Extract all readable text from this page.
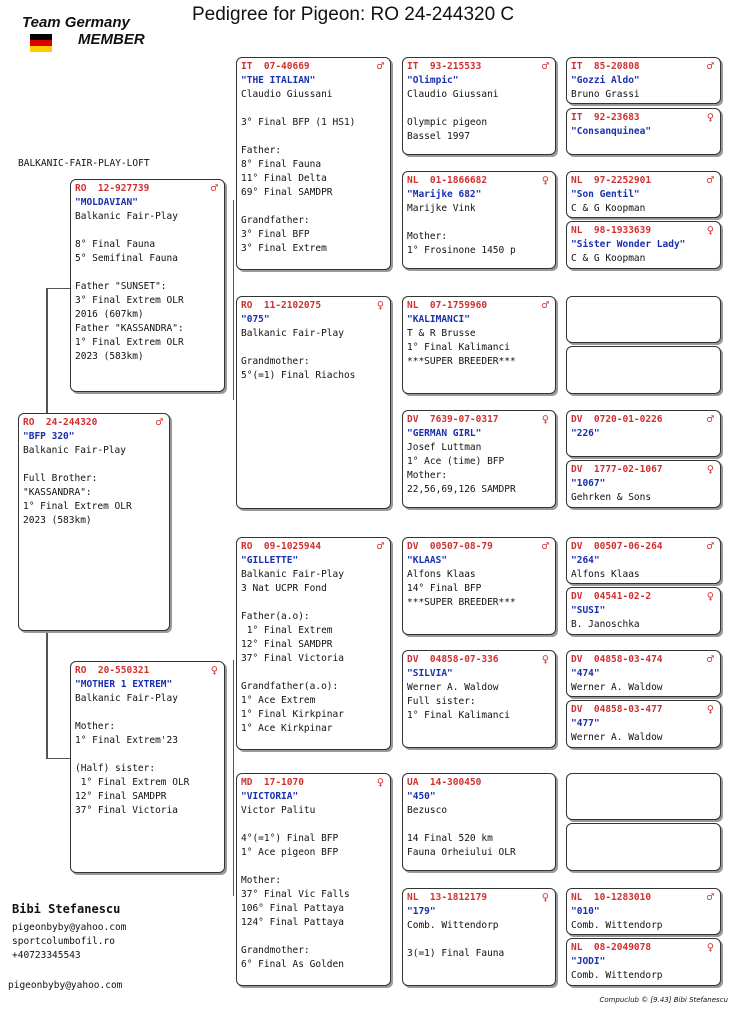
Pedigree for Pigeon: RO 24-244320 C
Team Germany
MEMBER
BALKANIC-FAIR-PLAY-LOFT
RO  24-244320	♂
"BFP 320"
Balkanic Fair-Play

Full Brother:
"KASSANDRA":
1° Final Extrem OLR
2023 (583km)
RO  12-927739	♂
"MOLDAVIAN"
Balkanic Fair-Play

8° Final Fauna
5° Semifinal Fauna

Father "SUNSET":
3° Final Extrem OLR
2016 (607km)
Father "KASSANDRA":
1° Final Extrem OLR
2023 (583km)
RO  20-550321	♀
"MOTHER 1 EXTREM"
Balkanic Fair-Play

Mother:
1° Final Extrem'23

(Half) sister:
1° Final Extrem OLR
12° Final SAMDPR
37° Final Victoria
IT  07-40669	♂
"THE ITALIAN"
Claudio Giussani

3° Final BFP (1 HS1)

Father:
8° Final Fauna
11° Final Delta
69° Final SAMDPR

Grandfather:
3° Final BFP
3° Final Extrem
RO  11-2102075	♀
"075"
Balkanic Fair-Play

Grandmother:
5°(=1) Final Riachos
RO  09-1025944	♂
"GILLETTE"
Balkanic Fair-Play
3 Nat UCPR Fond

Father(a.o):
1° Final Extrem
12° Final SAMDPR
37° Final Victoria

Grandfather(a.o):
1° Ace Extrem
1° Final Kirkpinar
1° Ace Kirkpinar
MD  17-1070	♀
"VICTORIA"
Victor Palitu

4°(=1°) Final BFP
1° Ace pigeon BFP

Mother:
37° Final Vic Falls
106° Final Pattaya
124° Final Pattaya

Grandmother:
6° Final As Golden
IT  93-215533	♂
"Olimpic"
Claudio Giussani

Olympic pigeon
Bassel 1997
NL  01-1866682	♀
"Marijke 682"
Marijke Vink

Mother:
1° Frosinone 1450 p
NL  07-1759960	♂
"KALIMANCI"
T & R Brusse
1° Final Kalimanci
***SUPER BREEDER***
DV  7639-07-0317	♀
"GERMAN GIRL"
Josef Luttman
1° Ace (time) BFP
Mother:
22,56,69,126 SAMDPR
DV  00507-08-79	♂
"KLAAS"
Alfons Klaas
14° Final BFP
***SUPER BREEDER***
DV  04858-07-336	♀
"SILVIA"
Werner A. Waldow
Full sister:
1° Final Kalimanci
UA  14-300450
"450"
Bezusco

14 Final 520 km
Fauna Orheiului OLR
NL  13-1812179	♀
"179"
Comb. Wittendorp

3(=1) Final Fauna
IT  85-20808	♂
"Gozzi Aldo"
Bruno Grassi
IT  92-23683	♀
"Consanquinea"
NL  97-2252901	♂
"Son Gentil"
C & G Koopman
NL  98-1933639	♀
"Sister Wonder Lady"
C & G Koopman
DV  0720-01-0226	♂
"226"
DV  1777-02-1067	♀
"1067"
Gehrken & Sons
DV  00507-06-264	♂
"264"
Alfons Klaas
DV  04541-02-2	♀
"SUSI"
B. Janoschka
DV  04858-03-474	♂
"474"
Werner A. Waldow
DV  04858-03-477	♀
"477"
Werner A. Waldow
NL  10-1283010	♂
"010"
Comb. Wittendorp
NL  08-2049078	♀
"JODI"
Comb. Wittendorp
Bibi Stefanescu
pigeonbyby@yahoo.com
sportcolumbofil.ro
+40723345543
pigeonbyby@yahoo.com
Compuclub © [9.43] Bibi Stefanescu
